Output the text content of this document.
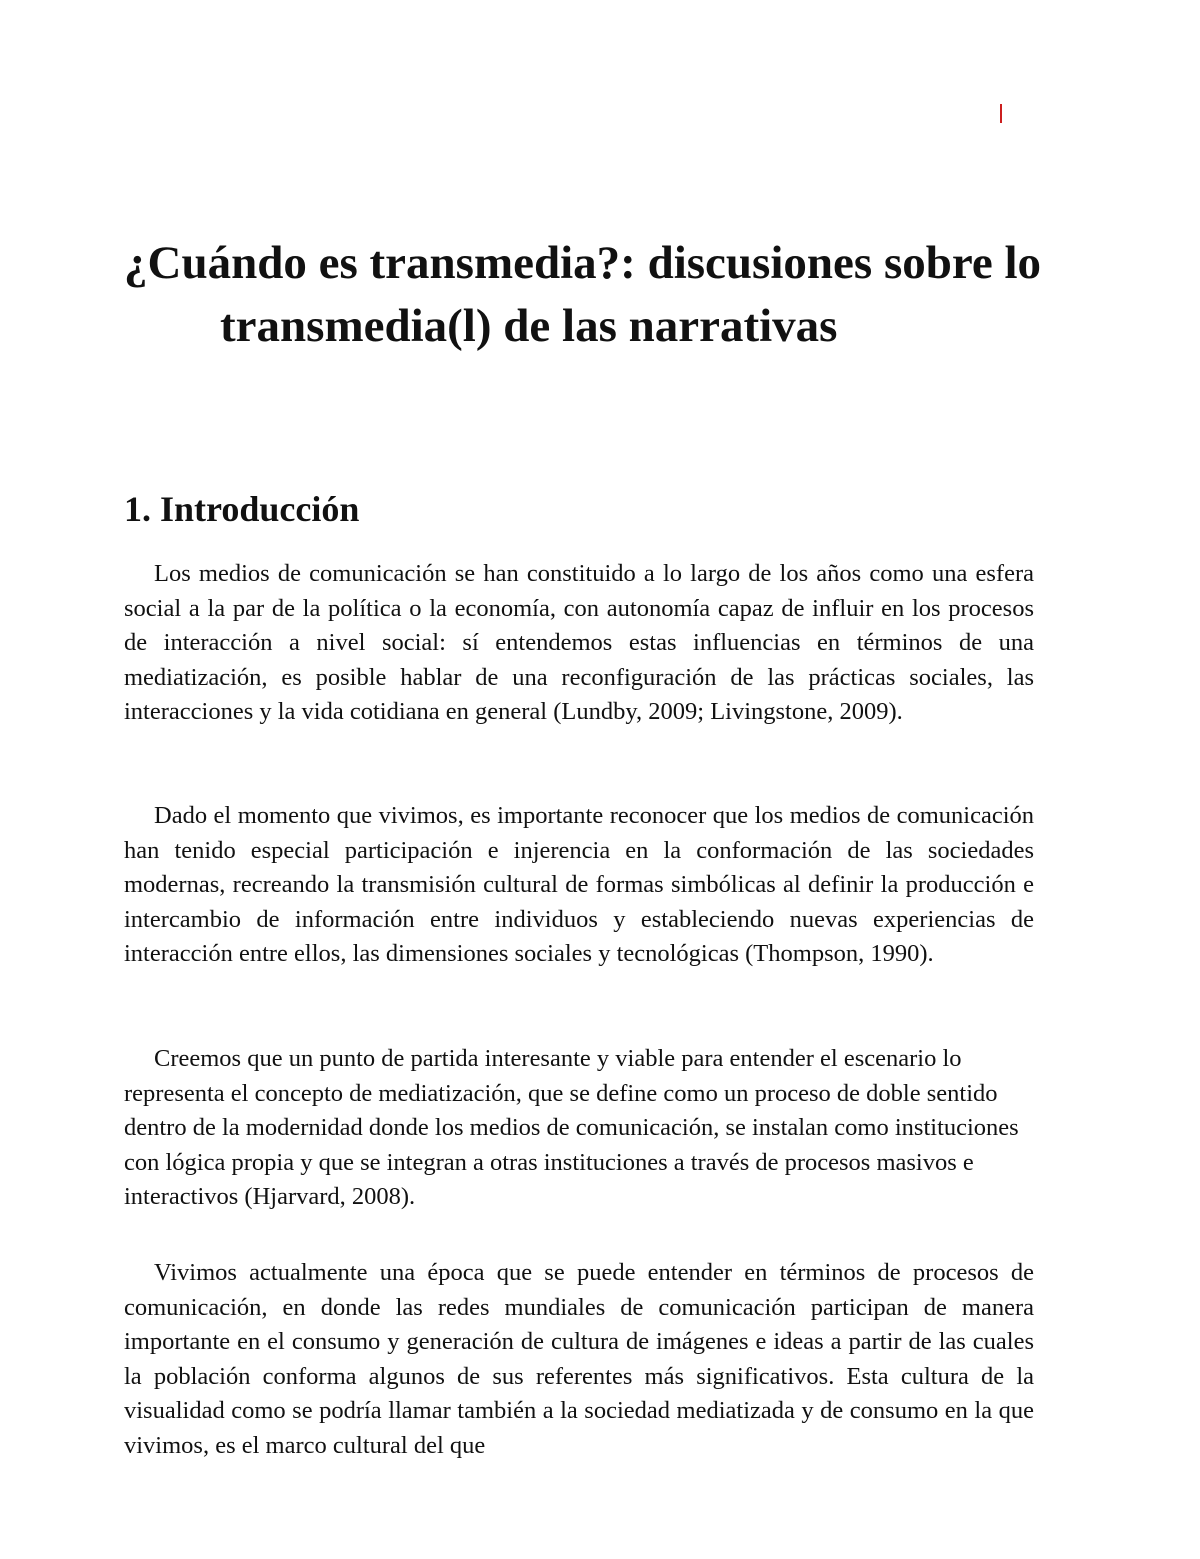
¿Cuándo es transmedia?: discusiones sobre lo transmedia(l) de las narrativas
1. Introducción

Los medios de comunicación se han constituido a lo largo de los años como una esfera social a la par de la política o la economía, con autonomía capaz de influir en los procesos de interacción a nivel social: sí entendemos estas influencias en términos de una mediatización, es posible hablar de una reconfiguración de las prácticas sociales, las interacciones y la vida cotidiana en general (Lundby, 2009; Livingstone, 2009).

Dado el momento que vivimos, es importante reconocer que los medios de comunicación han tenido especial participación e injerencia en la conformación de las sociedades modernas, recreando la transmisión cultural de formas simbólicas al definir la producción e intercambio de información entre individuos y estableciendo nuevas experiencias de interacción entre ellos, las dimensiones sociales y tecnológicas (Thompson, 1990).

Creemos que un punto de partida interesante y viable para entender el escenario lo representa el concepto de mediatización, que se define como un proceso de doble sentido dentro de la modernidad donde los medios de comunicación, se instalan como instituciones con lógica propia y que se integran a otras instituciones a través de procesos masivos e interactivos (Hjarvard, 2008).

Vivimos actualmente una época que se puede entender en términos de procesos de comunicación, en donde las redes mundiales de comunicación participan de manera importante en el consumo y generación de cultura de imágenes e ideas a partir de las cuales la población conforma algunos de sus referentes más significativos. Esta cultura de la visualidad como se podría llamar también a la sociedad mediatizada y de consumo en la que vivimos, es el marco cultural del que
